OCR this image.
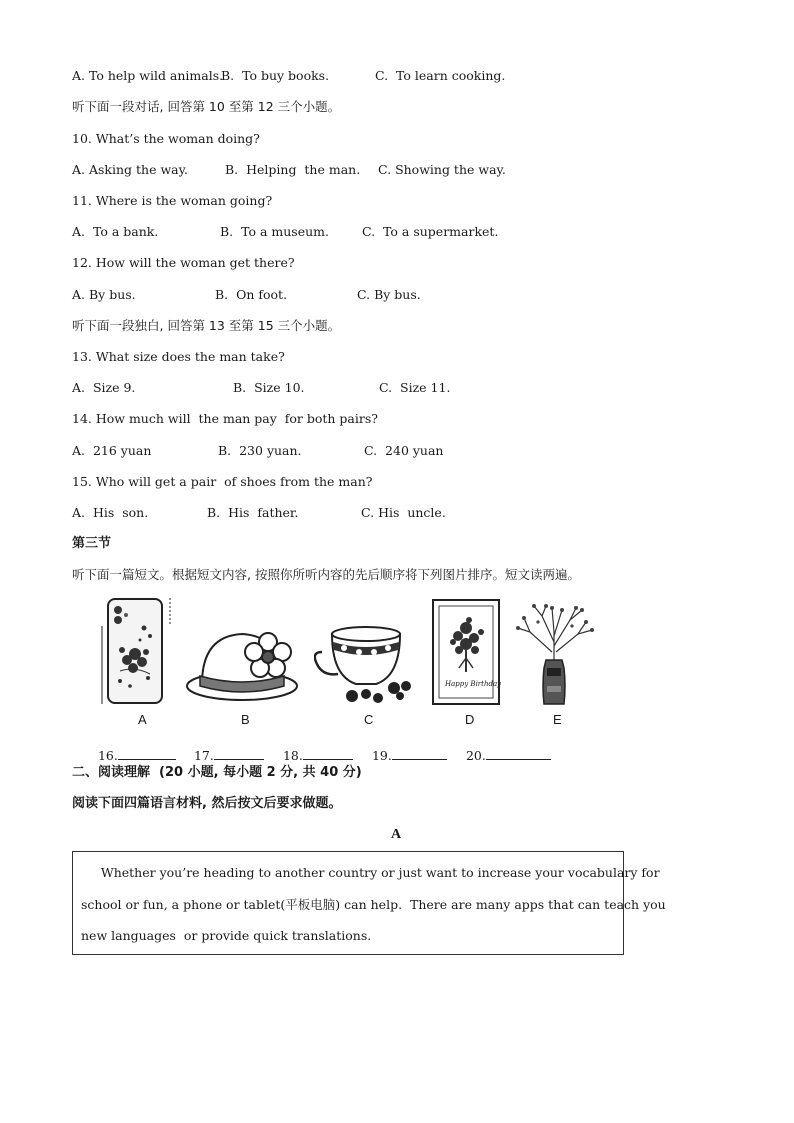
A. To help wild animals.
B.  To buy books.	C.  To learn cooking.
听下面一段对话, 回答第 10 至第 12 三个小题。
10. What’s the woman doing?
A. Asking the way.	B.  Helping  the man. C. Showing the way.
11. Where is the woman going?
A.  To a bank.	B.  To a museum.	C.  To a supermarket.
12. How will the woman get there?
A. By bus.	B.  On foot.	C. By bus.
听下面一段独白, 回答第 13 至第 15 三个小题。
13. What size does the man take?
A.  Size 9.	B.  Size 10.	C.  Size 11.
14. How much will  the man pay  for both pairs?
A.  216 yuan	B.  230 yuan.	C.  240 yuan
15. Who will get a pair  of shoes from the man?
A.  His  son.	B.  His  father.	C. His  uncle.
第三节
听下面一篇短文。根据短文内容, 按照你所听内容的先后顺序将下列图片排序。短文读两遍。
Happy Birthday
A	B	C	D	E

16.	17.	18.	19.	20.

二、阅读理解  (20 小题, 每小题 2 分, 共 40 分)
阅读下面四篇语言材料, 然后按文后要求做题。
A

Whether you’re heading to another country or just want to increase your vocabulary for

school or fun, a phone or tablet(平板电脑) can help.  There are many apps that can teach you

new languages  or provide quick translations.
